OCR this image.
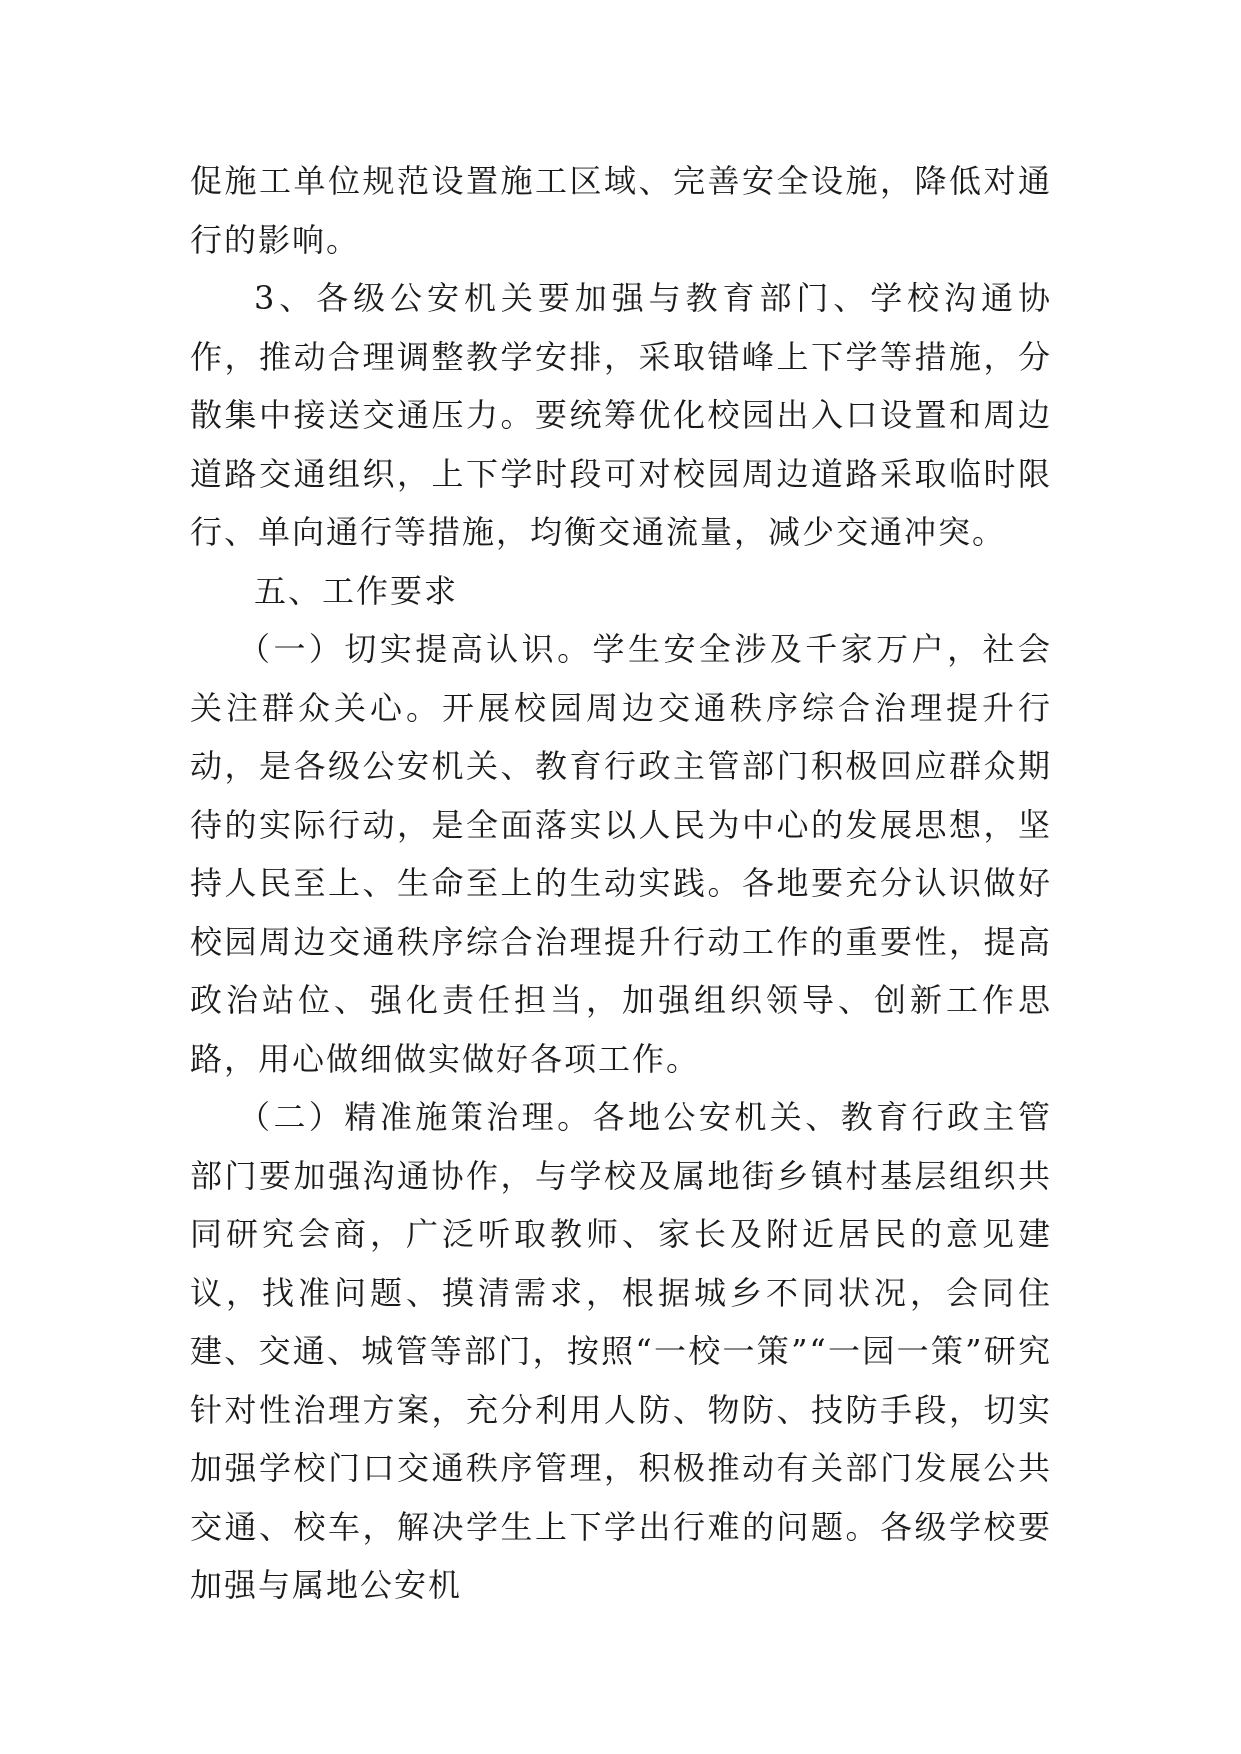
促施工单位规范设置施工区域、完善安全设施，降低对通行的影响。

3、各级公安机关要加强与教育部门、学校沟通协作，推动合理调整教学安排，采取错峰上下学等措施，分散集中接送交通压力。要统筹优化校园出入口设置和周边道路交通组织，上下学时段可对校园周边道路采取临时限行、单向通行等措施，均衡交通流量，减少交通冲突。

五、工作要求

（一）切实提高认识。学生安全涉及千家万户，社会关注群众关心。开展校园周边交通秩序综合治理提升行动，是各级公安机关、教育行政主管部门积极回应群众期待的实际行动，是全面落实以人民为中心的发展思想，坚持人民至上、生命至上的生动实践。各地要充分认识做好校园周边交通秩序综合治理提升行动工作的重要性，提高政治站位、强化责任担当，加强组织领导、创新工作思路，用心做细做实做好各项工作。

（二）精准施策治理。各地公安机关、教育行政主管部门要加强沟通协作，与学校及属地街乡镇村基层组织共同研究会商，广泛听取教师、家长及附近居民的意见建议，找准问题、摸清需求，根据城乡不同状况，会同住建、交通、城管等部门，按照“一校一策”“一园一策”研究针对性治理方案，充分利用人防、物防、技防手段，切实加强学校门口交通秩序管理，积极推动有关部门发展公共交通、校车，解决学生上下学出行难的问题。各级学校要加强与属地公安机
